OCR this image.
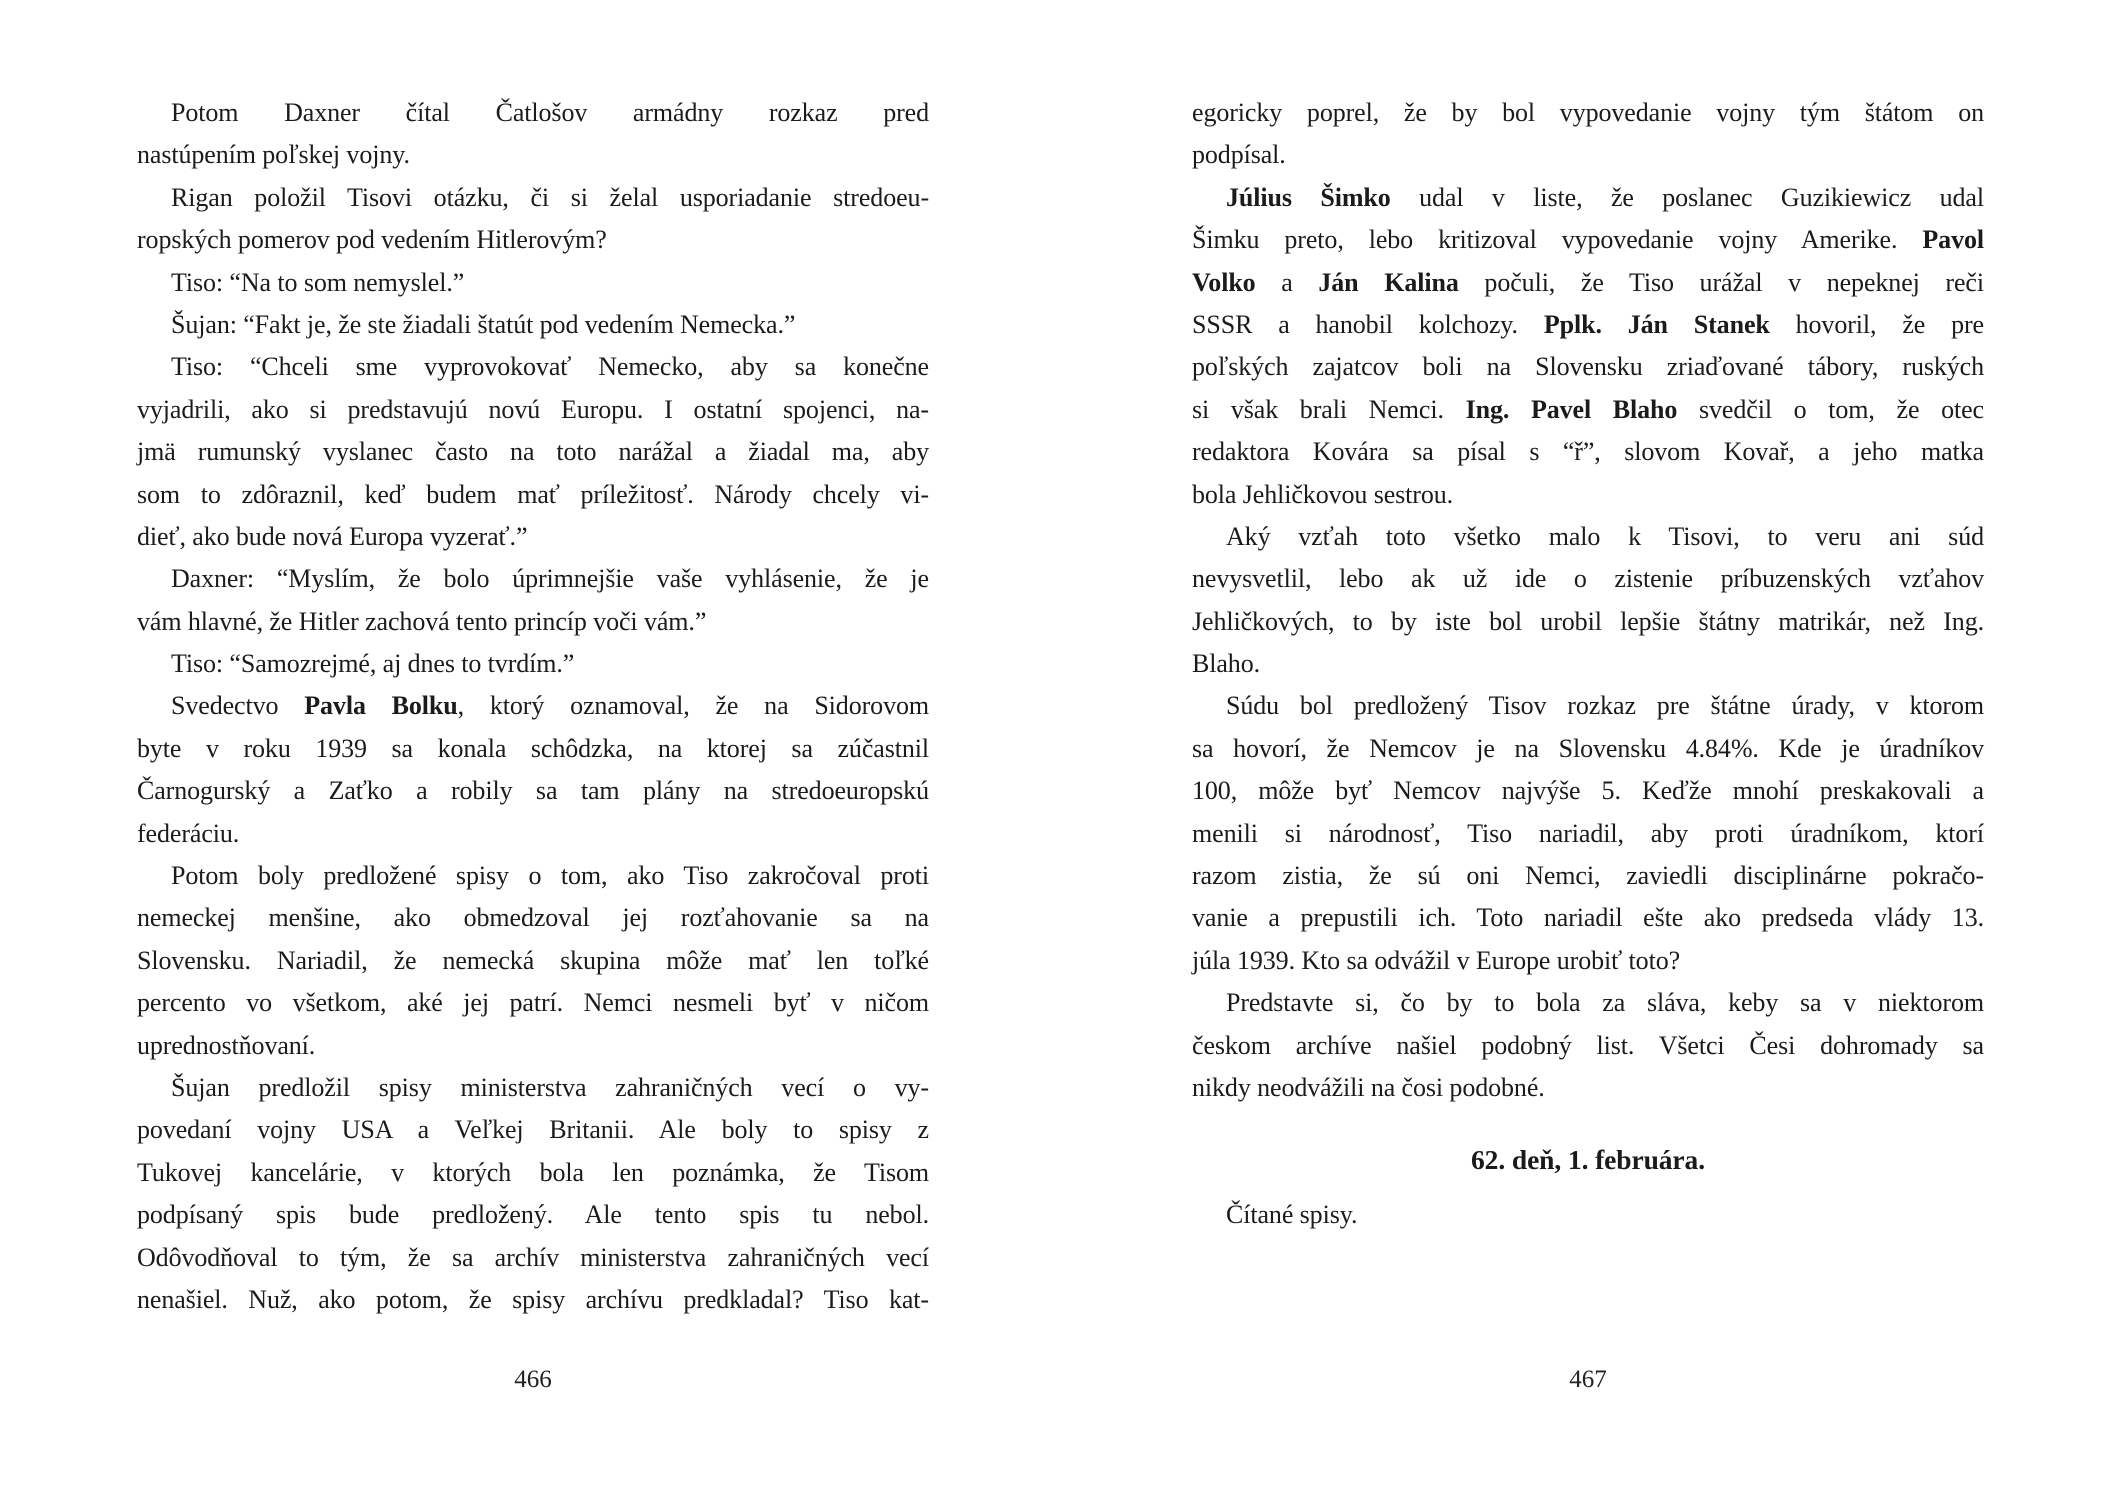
Potom Daxner čítal Čatlošov armádny rozkaz pred
nastúpením poľskej vojny.
Rigan položil Tisovi otázku, či si želal usporiadanie stredoeu-
ropských pomerov pod vedením Hitlerovým?
Tiso: “Na to som nemyslel.”
Šujan: “Fakt je, že ste žiadali štatút pod vedením Nemecka.”
Tiso: “Chceli sme vyprovokovať Nemecko, aby sa konečne
vyjadrili, ako si predstavujú novú Europu. I ostatní spojenci, na-
jmä rumunský vyslanec často na toto narážal a žiadal ma, aby
som to zdôraznil, keď budem mať príležitosť. Národy chcely vi-
dieť, ako bude nová Europa vyzerať.”
Daxner: “Myslím, že bolo úprimnejšie vaše vyhlásenie, že je
vám hlavné, že Hitler zachová tento princíp voči vám.”
Tiso: “Samozrejmé, aj dnes to tvrdím.”
Svedectvo Pavla Bolku, ktorý oznamoval, že na Sidorovom
byte v roku 1939 sa konala schôdzka, na ktorej sa zúčastnil
Čarnogurský a Zaťko a robily sa tam plány na stredoeuropskú
federáciu.
Potom boly predložené spisy o tom, ako Tiso zakročoval proti
nemeckej menšine, ako obmedzoval jej rozťahovanie sa na
Slovensku. Nariadil, že nemecká skupina môže mať len toľké
percento vo všetkom, aké jej patrí. Nemci nesmeli byť v ničom
uprednostňovaní.
Šujan predložil spisy ministerstva zahraničných vecí o vy-
povedaní vojny USA a Veľkej Britanii. Ale boly to spisy z
Tukovej kancelárie, v ktorých bola len poznámka, že Tisom
podpísaný spis bude predložený. Ale tento spis tu nebol.
Odôvodňoval to tým, že sa archív ministerstva zahraničných vecí
nenašiel. Nuž, ako potom, že spisy archívu predkladal? Tiso kat-
egoricky poprel, že by bol vypovedanie vojny tým štátom on
podpísal.
Július Šimko udal v liste, že poslanec Guzikiewicz udal
Šimku preto, lebo kritizoval vypovedanie vojny Amerike. Pavol
Volko a Ján Kalina počuli, že Tiso urážal v nepeknej reči
SSSR a hanobil kolchozy. Pplk. Ján Stanek hovoril, že pre
poľských zajatcov boli na Slovensku zriaďované tábory, ruských
si však brali Nemci. Ing. Pavel Blaho svedčil o tom, že otec
redaktora Kovára sa písal s “ř”, slovom Kovař, a jeho matka
bola Jehličkovou sestrou.
Aký vzťah toto všetko malo k Tisovi, to veru ani súd
nevysvetlil, lebo ak už ide o zistenie príbuzenských vzťahov
Jehličkových, to by iste bol urobil lepšie štátny matrikár, než Ing.
Blaho.
Súdu bol predložený Tisov rozkaz pre štátne úrady, v ktorom
sa hovorí, že Nemcov je na Slovensku 4.84%. Kde je úradníkov
100, môže byť Nemcov najvýše 5. Keďže mnohí preskakovali a
menili si národnosť, Tiso nariadil, aby proti úradníkom, ktorí
razom zistia, že sú oni Nemci, zaviedli disciplinárne pokračo-
vanie a prepustili ich. Toto nariadil ešte ako predseda vlády 13.
júla 1939. Kto sa odvážil v Europe urobiť toto?
Predstavte si, čo by to bola za sláva, keby sa v niektorom
českom archíve našiel podobný list. Všetci Česi dohromady sa
nikdy neodvážili na čosi podobné.
62. deň, 1. februára.
Čítané spisy.
466	467
